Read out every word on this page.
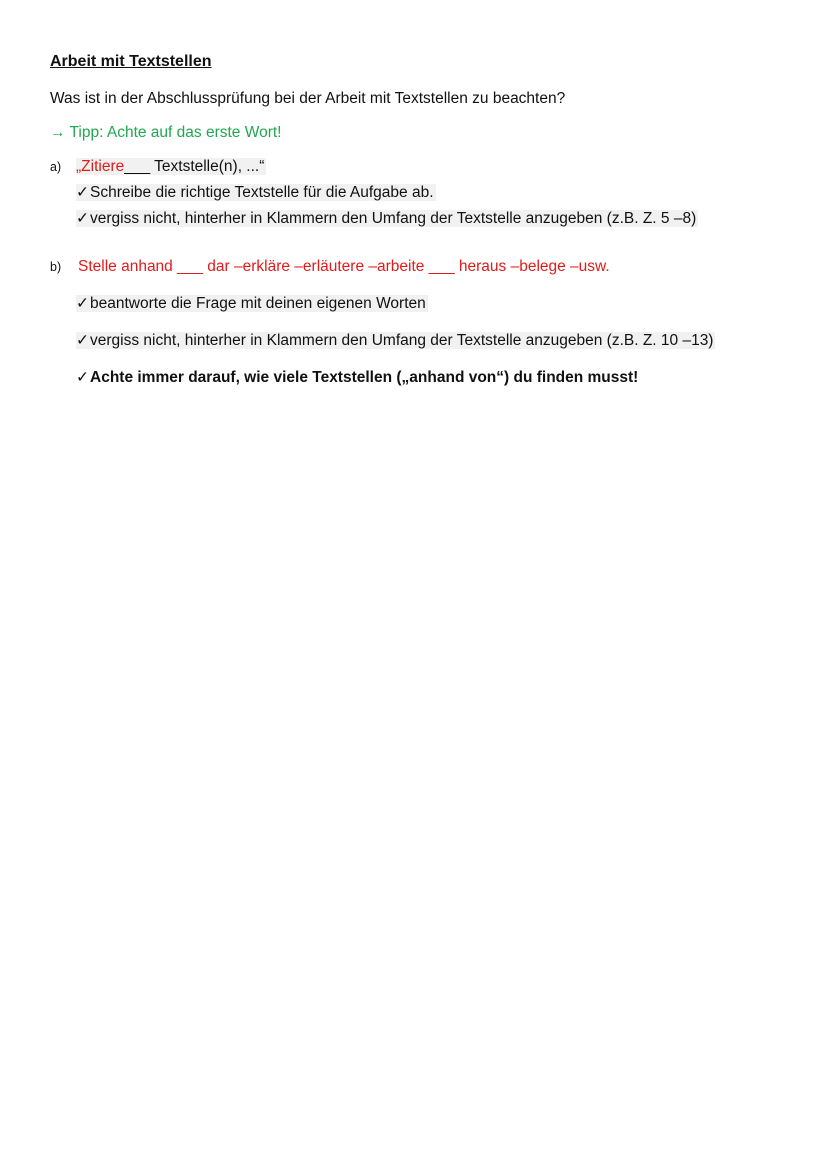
Arbeit mit Textstellen
Was ist in der Abschlussprüfung bei der Arbeit mit Textstellen zu beachten?
→ Tipp: Achte auf das erste Wort!
a) „Zitiere___ Textstelle(n), ...“
✓Schreibe die richtige Textstelle für die Aufgabe ab.
✓vergiss nicht, hinterher in Klammern den Umfang der Textstelle anzugeben (z.B. Z. 5 –8)
b) Stelle anhand ___ dar –erkläre –erläutere –arbeite ___ heraus –belege –usw.
✓beantworte die Frage mit deinen eigenen Worten
✓vergiss nicht, hinterher in Klammern den Umfang der Textstelle anzugeben (z.B. Z. 10 –13)
✓Achte immer darauf, wie viele Textstellen („anhand von“) du finden musst!
